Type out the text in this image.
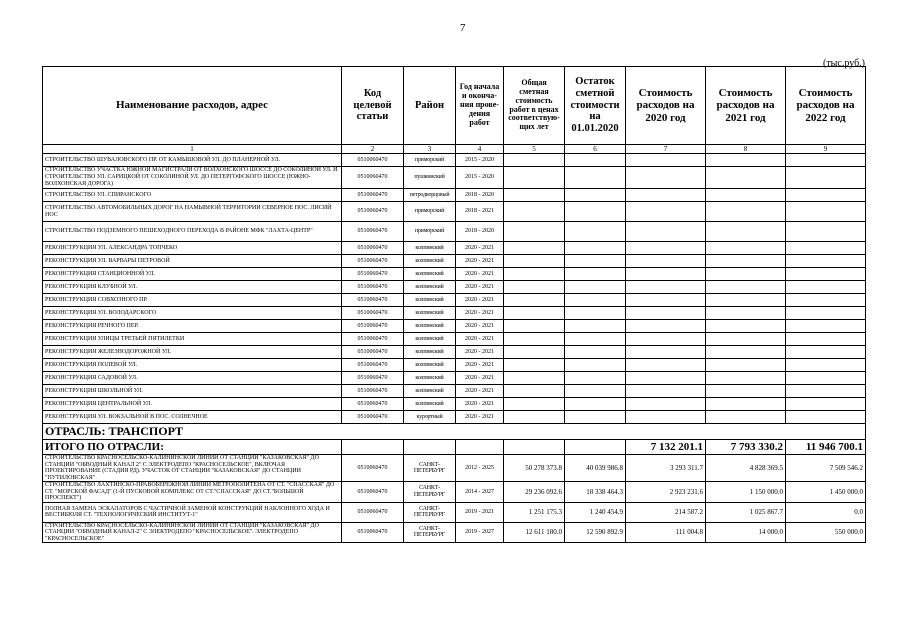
7
(тыс.руб.)
Наименование расходов, адрес	Код целевой статьи	Район	Год начала и оконча-ния прове-дения работ	Общая сметная стоимость работ в ценах соответствую-щих лет	Остаток сметной стоимости на 01.01.2020	Стоимость расходов на 2020 год	Стоимость расходов на 2021 год	Стоимость расходов на 2022 год
1	2	3	4	5	6	7	8	9
СТРОИТЕЛЬСТВО ШУВАЛОВСКОГО ПР. ОТ КАМЫШОВОЙ УЛ. ДО ПЛАНЕРНОЙ УЛ.	0510060470	приморский	2015 - 2020					
СТРОИТЕЛЬСТВО УЧАСТКА ЮЖНОЙ МАГИСТРАЛИ ОТ ВОЛХОНСКОГО ШОССЕ ДО СОКОЛИНОЙ УЛ. И СТРОИТЕЛЬСТВО УЛ. САРИЦКОЙ ОТ СОКОЛИНОЙ УЛ. ДО ПЕТЕРГОФСКОГО ШОССЕ (ЮЖНО-ВОЛХОНСКАЯ ДОРОГА)	0510060470	пушкинский	2015 - 2020					
СТРОИТЕЛЬСТВО УЛ. СПИРАНСКОГО	0510060470	петродворцовый	2018 - 2020					
СТРОИТЕЛЬСТВО АВТОМОБИЛЬНЫХ ДОРОГ НА НАМЫВНОЙ ТЕРРИТОРИИ СЕВЕРНОЕ ПОС. ЛИСИЙ НОС	0510060470	приморский	2018 - 2021					
СТРОИТЕЛЬСТВО ПОДЗЕМНОГО ПЕШЕХОДНОГО ПЕРЕХОДА В РАЙОНЕ МФК "ЛАХТА-ЦЕНТР"	0510060470	приморский	2018 - 2020					
РЕКОНСТРУКЦИЯ УЛ. АЛЕКСАНДРА ТОПЧЕКО	0510060470	колпинский	2020 - 2021					
РЕКОНСТРУКЦИЯ УЛ. ВАРВАРЫ ПЕТРОВОЙ	0510060470	колпинский	2020 - 2021					
РЕКОНСТРУКЦИЯ СТАНЦИОННОЙ УЛ.	0510060470	колпинский	2020 - 2021					
РЕКОНСТРУКЦИЯ КЛУБНОЙ УЛ.	0510060470	колпинский	2020 - 2021					
РЕКОНСТРУКЦИЯ СОВХОЗНОГО ПР.	0510060470	колпинский	2020 - 2021					
РЕКОНСТРУКЦИЯ УЛ. ВОЛОДАРСКОГО	0510060470	колпинский	2020 - 2021					
РЕКОНСТРУКЦИЯ РЕЧНОГО ПЕР.	0510060470	колпинский	2020 - 2021					
РЕКОНСТРУКЦИЯ УЛИЦЫ ТРЕТЬЕЙ ПЯТИЛЕТКИ	0510060470	колпинский	2020 - 2021					
РЕКОНСТРУКЦИЯ ЖЕЛЕЗНОДОРОЖНОЙ УЛ.	0510060470	колпинский	2020 - 2021					
РЕКОНСТРУКЦИЯ ПОЛЕВОЙ УЛ.	0510060470	колпинский	2020 - 2021					
РЕКОНСТРУКЦИЯ САДОВОЙ УЛ.	0510060470	колпинский	2020 - 2021					
РЕКОНСТРУКЦИЯ ШКОЛЬНОЙ УЛ.	0510060470	колпинский	2020 - 2021					
РЕКОНСТРУКЦИЯ ЦЕНТРАЛЬНОЙ УЛ.	0510060470	колпинский	2020 - 2021					
РЕКОНСТРУКЦИЯ УЛ. ВОКЗАЛЬНОЙ В ПОС. СОЛНЕЧНОЕ	0510060470	курортный	2020 - 2021					
ОТРАСЛЬ: ТРАНСПОРТ								
ИТОГО ПО ОТРАСЛИ:						7 132 201.1	7 793 330.2	11 946 700.1
СТРОИТЕЛЬСТВО КРАСНОСЕЛЬСКО-КАЛИНИНСКОЙ ЛИНИИ ОТ СТАНЦИИ "КАЗАКОВСКАЯ" ДО СТАНЦИИ "ОБВОДНЫЙ КАНАЛ 2" С ЭЛЕКТРОДЕПО "КРАСНОСЕЛЬСКОЕ", ВКЛЮЧАЯ ПРОЕКТИРОВАНИЕ (СТАДИЯ РД). УЧАСТОК ОТ СТАНЦИИ "КАЗАКОВСКАЯ" ДО СТАНЦИИ "ПУТИЛОВСКАЯ"	0510060470	САНКТ-ПЕТЕРБУРГ	2012 - 2025	50 278 373.8	40 039 986.8	3 293 311.7	4 828 369.5	7 509 546.2
СТРОИТЕЛЬСТВО ЛАХТИНСКО-ПРАВОБЕРЕЖНОЙ ЛИНИИ МЕТРОПОЛИТЕНА ОТ СТ. "СПАССКАЯ" ДО СТ. "МОРСКОЙ ФАСАД" (1-Й ПУСКОВОЙ КОМПЛЕКС ОТ СТ."СПАССКАЯ" ДО СТ."БОЛЬШОЙ ПРОСПЕКТ")	0510060470	САНКТ-ПЕТЕРБУРГ	2014 - 2027	29 236 092.6	18 338 464.3	2 923 231.6	1 150 000.0	1 450 000.0
ПОЛНАЯ ЗАМЕНА ЭСКАЛАТОРОВ С ЧАСТИЧНОЙ ЗАМЕНОЙ КОНСТРУКЦИЙ НАКЛОННОГО ХОДА И ВЕСТИБЮЛЯ СТ. "ТЕХНОЛОГИЧЕСКИЙ ИНСТИТУТ-1"	0510060470	САНКТ-ПЕТЕРБУРГ	2019 - 2021	1 251 175.3	1 240 454.9	214 587.2	1 025 867.7	0.0
СТРОИТЕЛЬСТВО КРАСНОСЕЛЬСКО-КАЛИНИНСКОЙ ЛИНИИ ОТ СТАНЦИИ "КАЗАКОВСКАЯ" ДО СТАНЦИИ "ОБВОДНЫЙ КАНАЛ-2" С ЭЛЕКТРОДЕПО "КРАСНОСЕЛЬСКОЕ". ЭЛЕКТРОДЕПО "КРАСНОСЕЛЬСКОЕ"	0510060470	САНКТ-ПЕТЕРБУРГ	2019 - 2027	12 611 180.0	12 590 892.9	111 004.8	14 000.0	550 000.0
